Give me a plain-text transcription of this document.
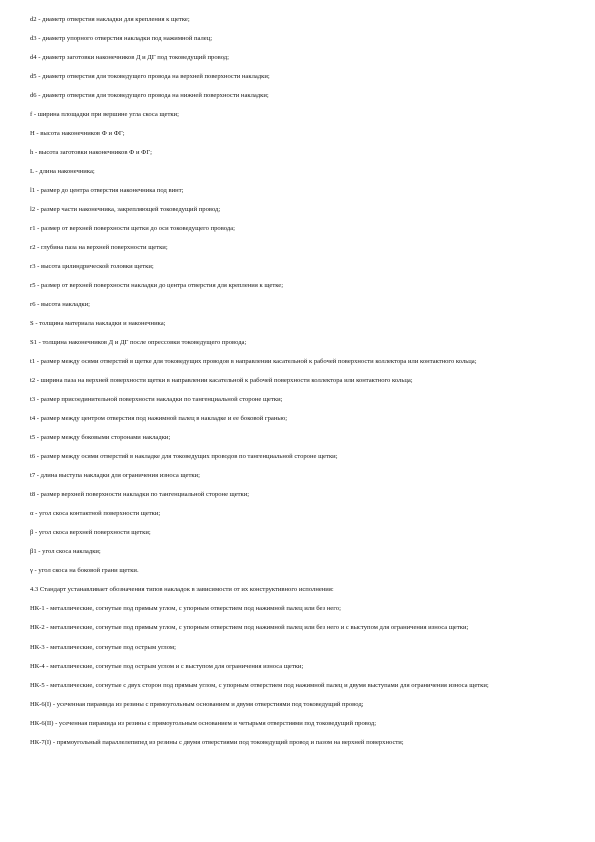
d2 - диаметр отверстия накладки для крепления к щетке;

d3 - диаметр упорного отверстия накладки под нажимной палец;

d4 - диаметр заготовки наконечников Д и ДГ под токоведущий провод;

d5 - диаметр отверстия для токоведущего провода на верхней поверхности накладки;

d6 - диаметр отверстия для токоведущего провода на нижней поверхности накладки;

f - ширина площадки при вершине угла скоса щетки;

H - высота наконечников Ф и ФГ;

h - высота заготовки наконечников Ф и ФГ;

L - длина наконечника;

l1 - размер до центра отверстия наконечника под винт;

l2 - размер части наконечника, закрепляющей токоведущий провод;

r1 - размер от верхней поверхности щетки до оси токоведущего провода;

r2 - глубина паза на верхней поверхности щетки;

r3 - высота цилиндрической головки щетки;

r5 - размер от верхней поверхности накладки до центра отверстия для крепления к щетке;

r6 - высота накладки;

S - толщина материала накладки и наконечника;

S1 - толщина наконечников Д и ДГ после опрессовки токоведущего провода;

t1 - размер между осями отверстий в щетке для токоведущих проводов в направлении касательной к рабочей поверхности коллектора или контактного кольца;

t2 - ширина паза на верхней поверхности щетки в направлении касательной к рабочей поверхности коллектора или контактного кольца;

t3 - размер присоединительной поверхности накладки по тангенциальной стороне щетки;

t4 - размер между центром отверстия под нажимной палец в накладке и ее боковой гранью;

t5 - размер между боковыми сторонами накладки;

t6 - размер между осями отверстий в накладке для токоведущих проводов по тангенциальной стороне щетки;

t7 - длина выступа накладки для ограничения износа щетки;

t8 - размер верхней поверхности накладки по тангенциальной стороне щетки;

α - угол скоса контактной поверхности щетки;

β - угол скоса верхней поверхности щетки;

β1 - угол скоса накладки;

γ - угол скоса на боковой грани щетки.

4.3 Стандарт устанавливает обозначения типов накладок в зависимости от их конструктивного исполнения:

НК-1 - металлические, согнутые под прямым углом, с упорным отверстием под нажимной палец или без него;

НК-2 - металлические, согнутые под прямым углом, с упорным отверстием под нажимной палец или без него и с выступом для ограничения износа щетки;

НК-3 - металлические, согнутые под острым углом;

НК-4 - металлические, согнутые под острым углом и с выступом для ограничения износа щетки;

НК-5 - металлические, согнутые с двух сторон под прямым углом, с упорным отверстием под нажимной палец и двумя выступами для ограничения износа щетки;

НК-6(I) - усеченная пирамида из резины с прямоугольным основанием и двумя отверстиями под токоведущий провод;

НК-6(II) - усеченная пирамида из резины с прямоугольным основанием и четырьмя отверстиями под токоведущий провод;

НК-7(I) - прямоугольный параллелепипед из резины с двумя отверстиями под токоведущий провод и пазом на верхней поверхности;
